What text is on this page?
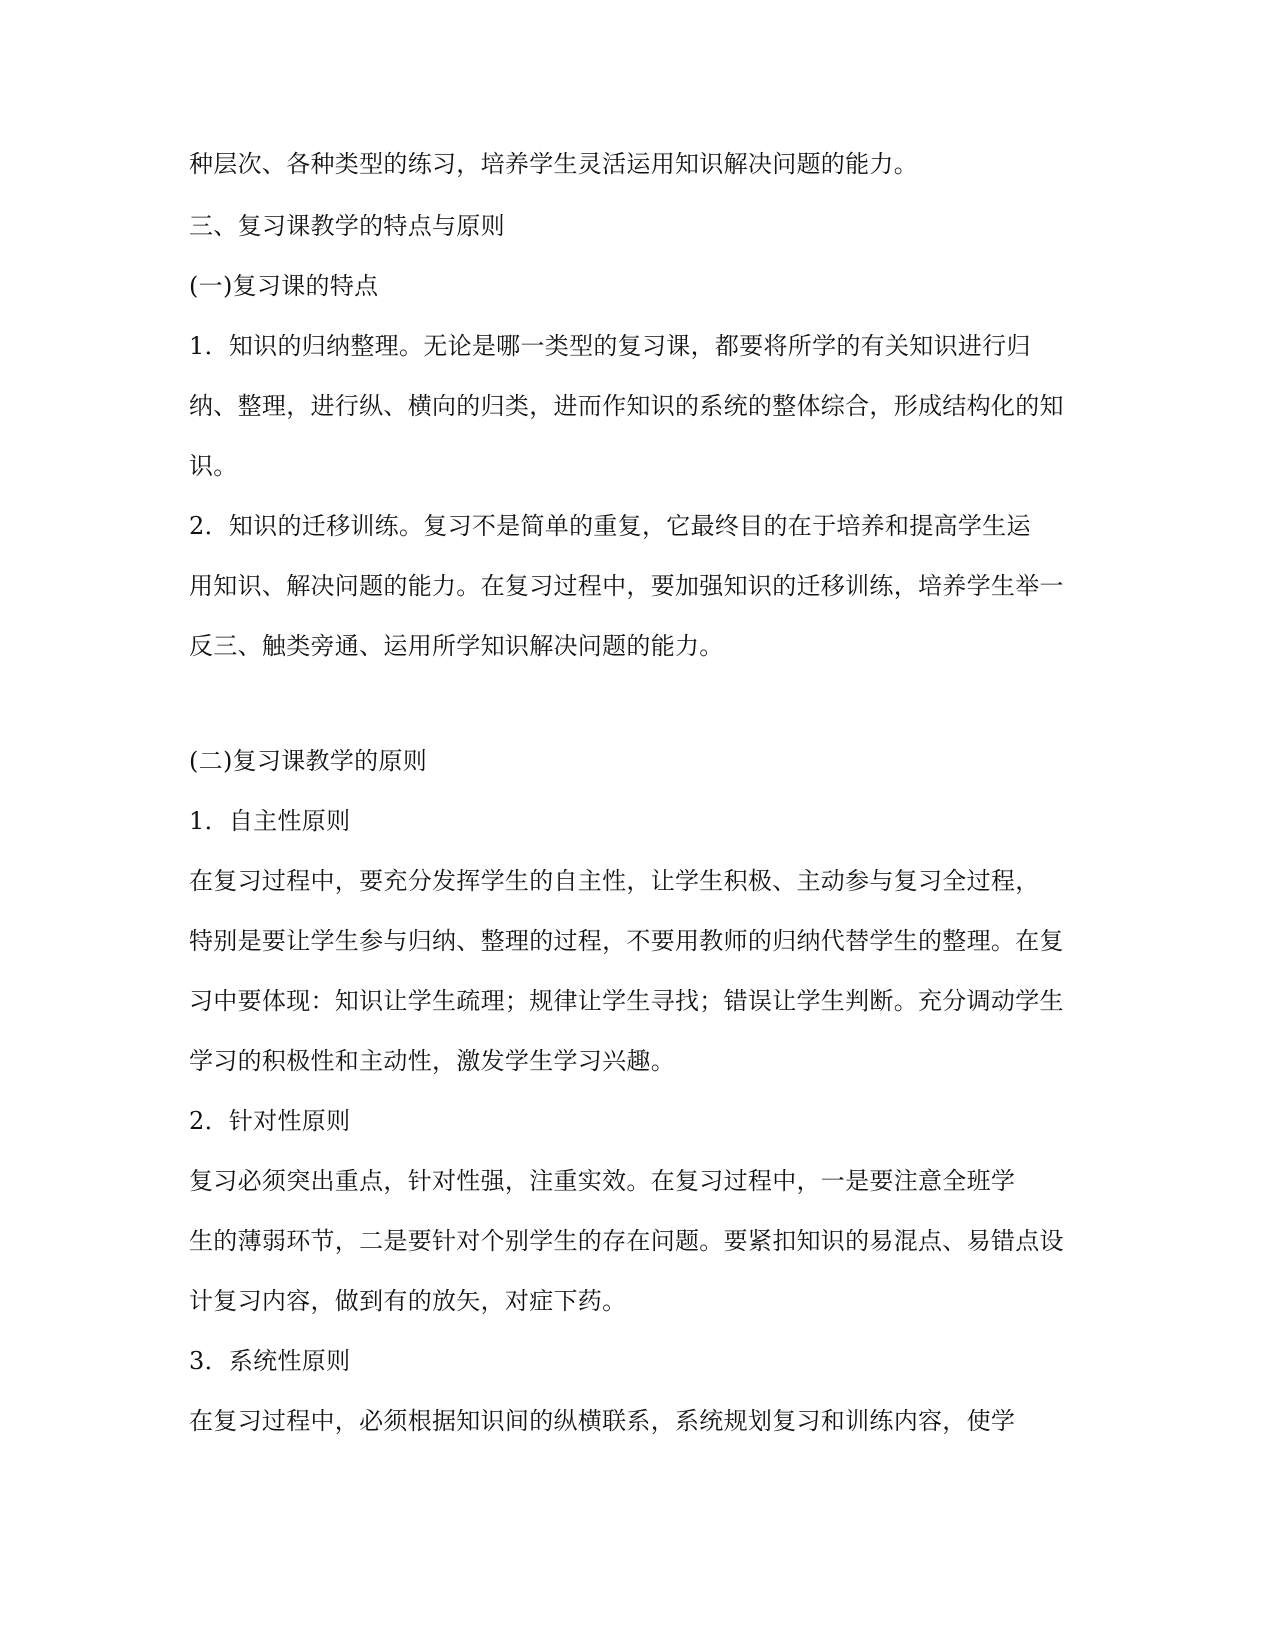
种层次、各种类型的练习，培养学生灵活运用知识解决问题的能力。
三、复习课教学的特点与原则
(一)复习课的特点
1．知识的归纳整理。无论是哪一类型的复习课，都要将所学的有关知识进行归
纳、整理，进行纵、横向的归类，进而作知识的系统的整体综合，形成结构化的知
识。
2．知识的迁移训练。复习不是简单的重复，它最终目的在于培养和提高学生运
用知识、解决问题的能力。在复习过程中，要加强知识的迁移训练，培养学生举一
反三、触类旁通、运用所学知识解决问题的能力。
(二)复习课教学的原则
1．自主性原则
在复习过程中，要充分发挥学生的自主性，让学生积极、主动参与复习全过程，
特别是要让学生参与归纳、整理的过程，不要用教师的归纳代替学生的整理。在复
习中要体现：知识让学生疏理；规律让学生寻找；错误让学生判断。充分调动学生
学习的积极性和主动性，激发学生学习兴趣。
2．针对性原则
复习必须突出重点，针对性强，注重实效。在复习过程中，一是要注意全班学
生的薄弱环节，二是要针对个别学生的存在问题。要紧扣知识的易混点、易错点设
计复习内容，做到有的放矢，对症下药。
3．系统性原则
在复习过程中，必须根据知识间的纵横联系，系统规划复习和训练内容，使学
